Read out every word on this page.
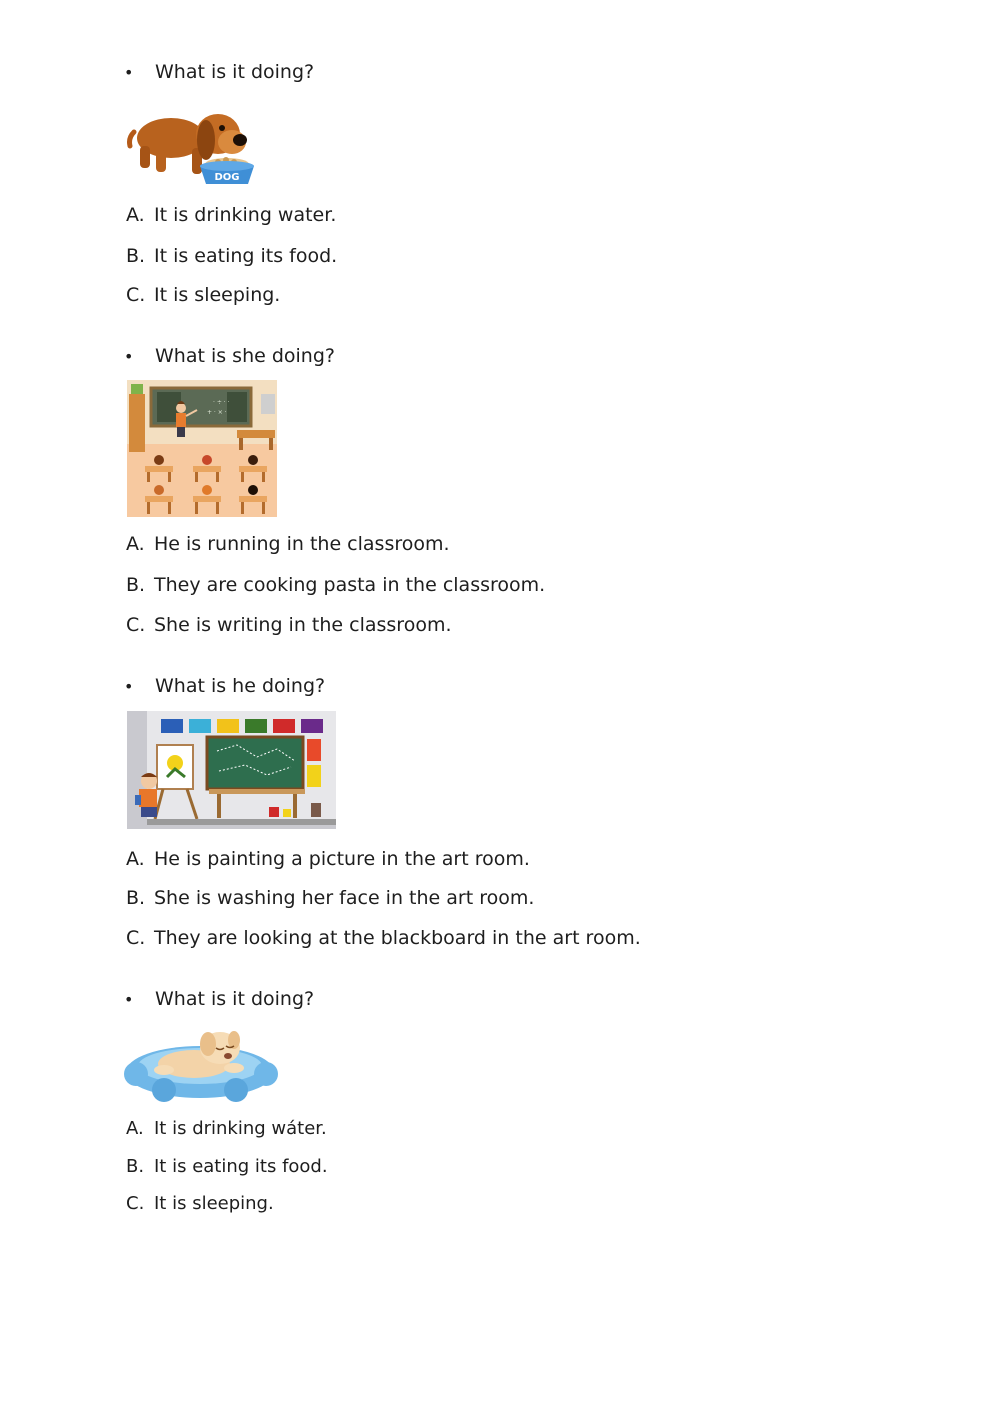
• What is it doing?
DOG
A. It is drinking water.
B. It is eating its food.
C. It is sleeping.
• What is she doing?
· ÷ · ·
+ · × ·
A. He is running in the classroom.
B. They are cooking pasta in the classroom.
C. She is writing in the classroom.
• What is he doing?
A. He is painting a picture in the art room.
B. She is washing her face in the art room.
C. They are looking at the blackboard in the art room.
• What is it doing?
A. It is drinking wáter.
B. It is eating its food.
C. It is sleeping.
